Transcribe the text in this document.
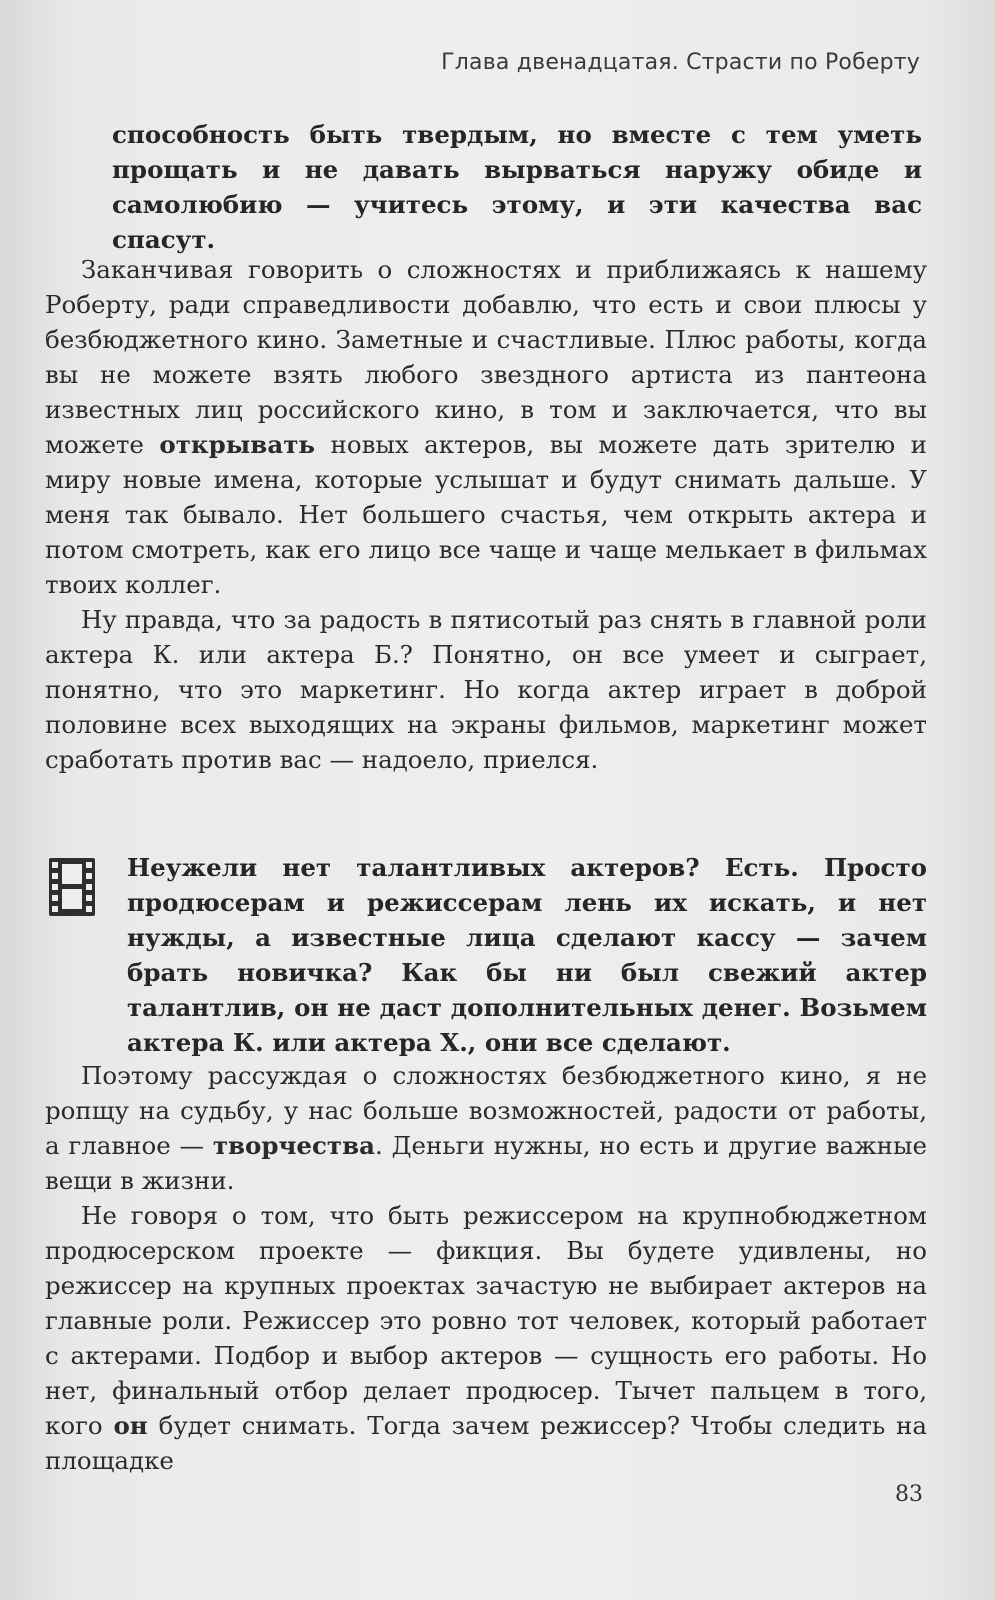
Глава двенадцатая. Страсти по Роберту
способность быть твердым, но вместе с тем уметь прощать и не давать вырваться наружу обиде и самолюбию — учитесь этому, и эти качества вас спасут.

Заканчивая говорить о сложностях и приближаясь к нашему Роберту, ради справедливости добавлю, что есть и свои плюсы у безбюджетного кино. Заметные и счастливые. Плюс работы, когда вы не можете взять любого звездного артиста из пантеона известных лиц российского кино, в том и заключается, что вы можете открывать новых актеров, вы можете дать зрителю и миру новые имена, которые услышат и будут снимать дальше. У меня так бывало. Нет большего счастья, чем открыть актера и потом смотреть, как его лицо все чаще и чаще мелькает в фильмах твоих коллег.

Ну правда, что за радость в пятисотый раз снять в главной роли актера К. или актера Б.? Понятно, он все умеет и сыграет, понятно, что это маркетинг. Но когда актер играет в доброй половине всех выходящих на экраны фильмов, маркетинг может сработать против вас — надоело, приелся.

Неужели нет талантливых актеров? Есть. Просто продюсерам и режиссерам лень их искать, и нет нужды, а известные лица сделают кассу — зачем брать новичка? Как бы ни был свежий актер талантлив, он не даст дополнительных денег. Возьмем актера К. или актера Х., они все сделают.

Поэтому рассуждая о сложностях безбюджетного кино, я не ропщу на судьбу, у нас больше возможностей, радости от работы, а главное — творчества. Деньги нужны, но есть и другие важные вещи в жизни.

Не говоря о том, что быть режиссером на крупнобюджетном продюсерском проекте — фикция. Вы будете удивлены, но режиссер на крупных проектах зачастую не выбирает актеров на главные роли. Режиссер это ровно тот человек, который работает с актерами. Подбор и выбор актеров — сущность его работы. Но нет, финальный отбор делает продюсер. Тычет пальцем в того, кого он будет снимать. Тогда зачем режиссер? Чтобы следить на площадке

83
